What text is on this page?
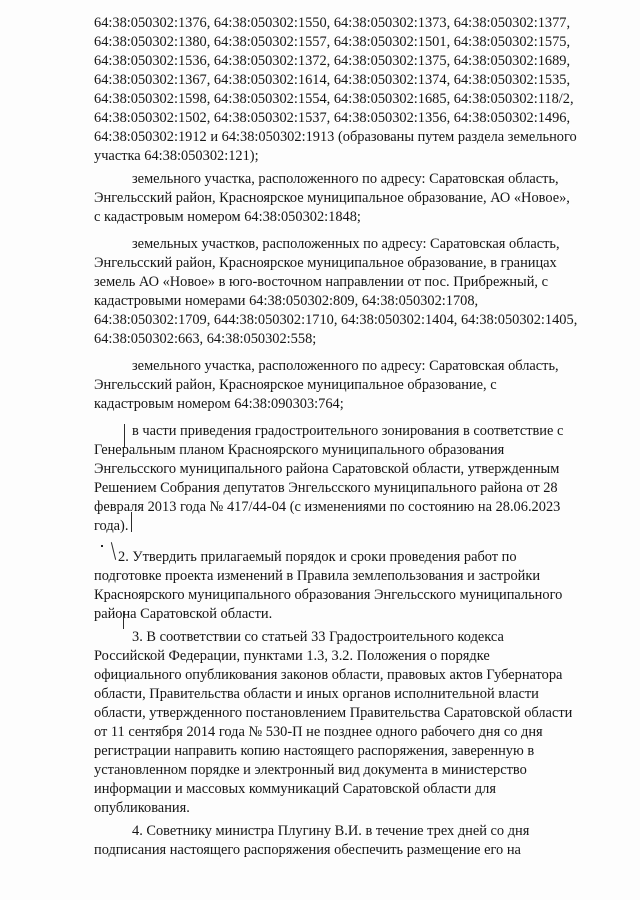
64:38:050302:1376, 64:38:050302:1550, 64:38:050302:1373, 64:38:050302:1377,
64:38:050302:1380, 64:38:050302:1557, 64:38:050302:1501, 64:38:050302:1575,
64:38:050302:1536, 64:38:050302:1372, 64:38:050302:1375, 64:38:050302:1689,
64:38:050302:1367, 64:38:050302:1614, 64:38:050302:1374, 64:38:050302:1535,
64:38:050302:1598, 64:38:050302:1554, 64:38:050302:1685, 64:38:050302:118/2,
64:38:050302:1502, 64:38:050302:1537, 64:38:050302:1356, 64:38:050302:1496,
64:38:050302:1912 и 64:38:050302:1913 (образованы путем раздела земельного
участка 64:38:050302:121);

земельного участка, расположенного по адресу: Саратовская область,
Энгельсский район, Красноярское муниципальное образование, АО «Новое»,
с кадастровым номером 64:38:050302:1848;

земельных участков, расположенных по адресу: Саратовская область,
Энгельсский район, Красноярское муниципальное образование, в границах
земель АО «Новое» в юго-восточном направлении от пос. Прибрежный, с
кадастровыми номерами 64:38:050302:809, 64:38:050302:1708,
64:38:050302:1709, 644:38:050302:1710, 64:38:050302:1404, 64:38:050302:1405,
64:38:050302:663, 64:38:050302:558;

земельного участка, расположенного по адресу: Саратовская область,
Энгельсский район, Красноярское муниципальное образование, с
кадастровым номером 64:38:090303:764;

в части приведения градостроительного зонирования в соответствие с
Генеральным планом Красноярского муниципального образования
Энгельсского муниципального района Саратовской области, утвержденным
Решением Собрания депутатов Энгельсского муниципального района от 28
февраля 2013 года № 417/44-04 (с изменениями по состоянию на 28.06.2023
года).

2. Утвердить прилагаемый порядок и сроки проведения работ по
подготовке проекта изменений в Правила землепользования и застройки
Красноярского муниципального образования Энгельсского муниципального
района Саратовской области.

3. В соответствии со статьей 33 Градостроительного кодекса
Российской Федерации, пунктами 1.3, 3.2. Положения о порядке
официального опубликования законов области, правовых актов Губернатора
области, Правительства области и иных органов исполнительной власти
области, утвержденного постановлением Правительства Саратовской области
от 11 сентября 2014 года № 530-П не позднее одного рабочего дня со дня
регистрации направить копию настоящего распоряжения, заверенную в
установленном порядке и электронный вид документа в министерство
информации и массовых коммуникаций Саратовской области для
опубликования.

4. Советнику министра Плугину В.И. в течение трех дней со дня
подписания настоящего распоряжения обеспечить размещение его на
